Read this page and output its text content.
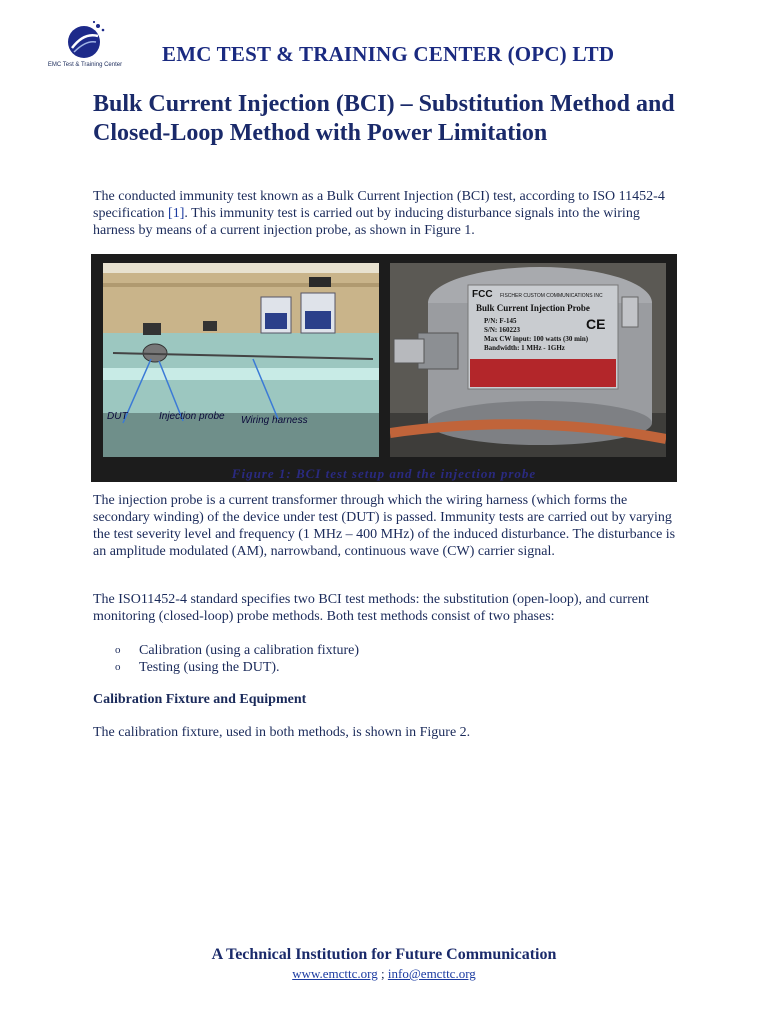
EMC Test & Training Center	EMC TEST & TRAINING CENTER (OPC) LTD
Bulk Current Injection (BCI) – Substitution Method and Closed-Loop Method with Power Limitation

The conducted immunity test known as a Bulk Current Injection (BCI) test, according to ISO 11452-4 specification [1]. This immunity test is carried out by inducing disturbance signals into the wiring harness by means of a current injection probe, as shown in Figure 1.

DUT	Injection probe Wiring harness
FCC FISCHER CUSTOM COMMUNICATIONS INC
Bulk Current Injection Probe
P/N: F-145
S/N: 160223
Max CW input: 100 watts (30 min)
Bandwidth: 1 MHz - 1GHz
CE
Figure 1: BCI test setup and the injection probe

The injection probe is a current transformer through which the wiring harness (which forms the secondary winding) of the device under test (DUT) is passed. Immunity tests are carried out by varying the test severity level and frequency (1 MHz – 400 MHz) of the induced disturbance. The disturbance is an amplitude modulated (AM), narrowband, continuous wave (CW) carrier signal.

The ISO11452-4 standard specifies two BCI test methods: the substitution (open-loop), and current monitoring (closed-loop) probe methods. Both test methods consist of two phases:

o Calibration (using a calibration fixture)
o Testing (using the DUT).
Calibration Fixture and Equipment

The calibration fixture, used in both methods, is shown in Figure 2.

A Technical Institution for Future Communication
www.emcttc.org ; info@emcttc.org
